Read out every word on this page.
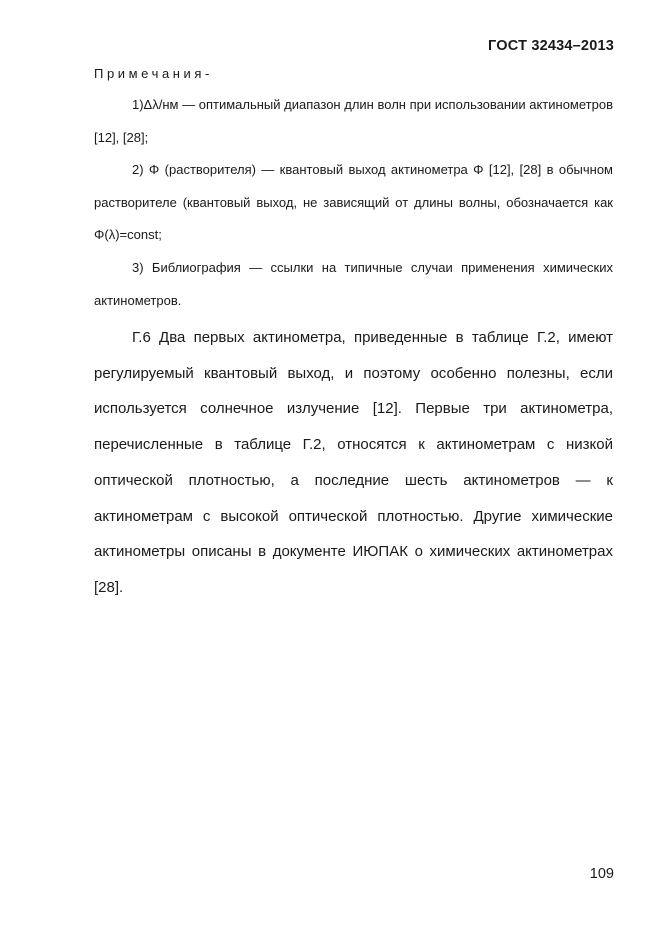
ГОСТ 32434–2013
Примечания-

1)Δλ/нм — оптимальный диапазон длин волн при использовании актинометров [12], [28];

2) Φ (растворителя) — квантовый выход актинометра Φ [12], [28] в обычном растворителе (квантовый выход, не зависящий от длины волны, обозначается как Φ(λ)=const;

3) Библиография — ссылки на типичные случаи применения химических актинометров.

Г.6 Два первых актинометра, приведенные в таблице Г.2, имеют регулируемый квантовый выход, и поэтому особенно полезны, если используется солнечное излучение [12]. Первые три актинометра, перечисленные в таблице Г.2, относятся к актинометрам с низкой оптической плотностью, а последние шесть актинометров — к актинометрам с высокой оптической плотностью. Другие химические актинометры описаны в документе ИЮПАК о химических актинометрах [28].

109
